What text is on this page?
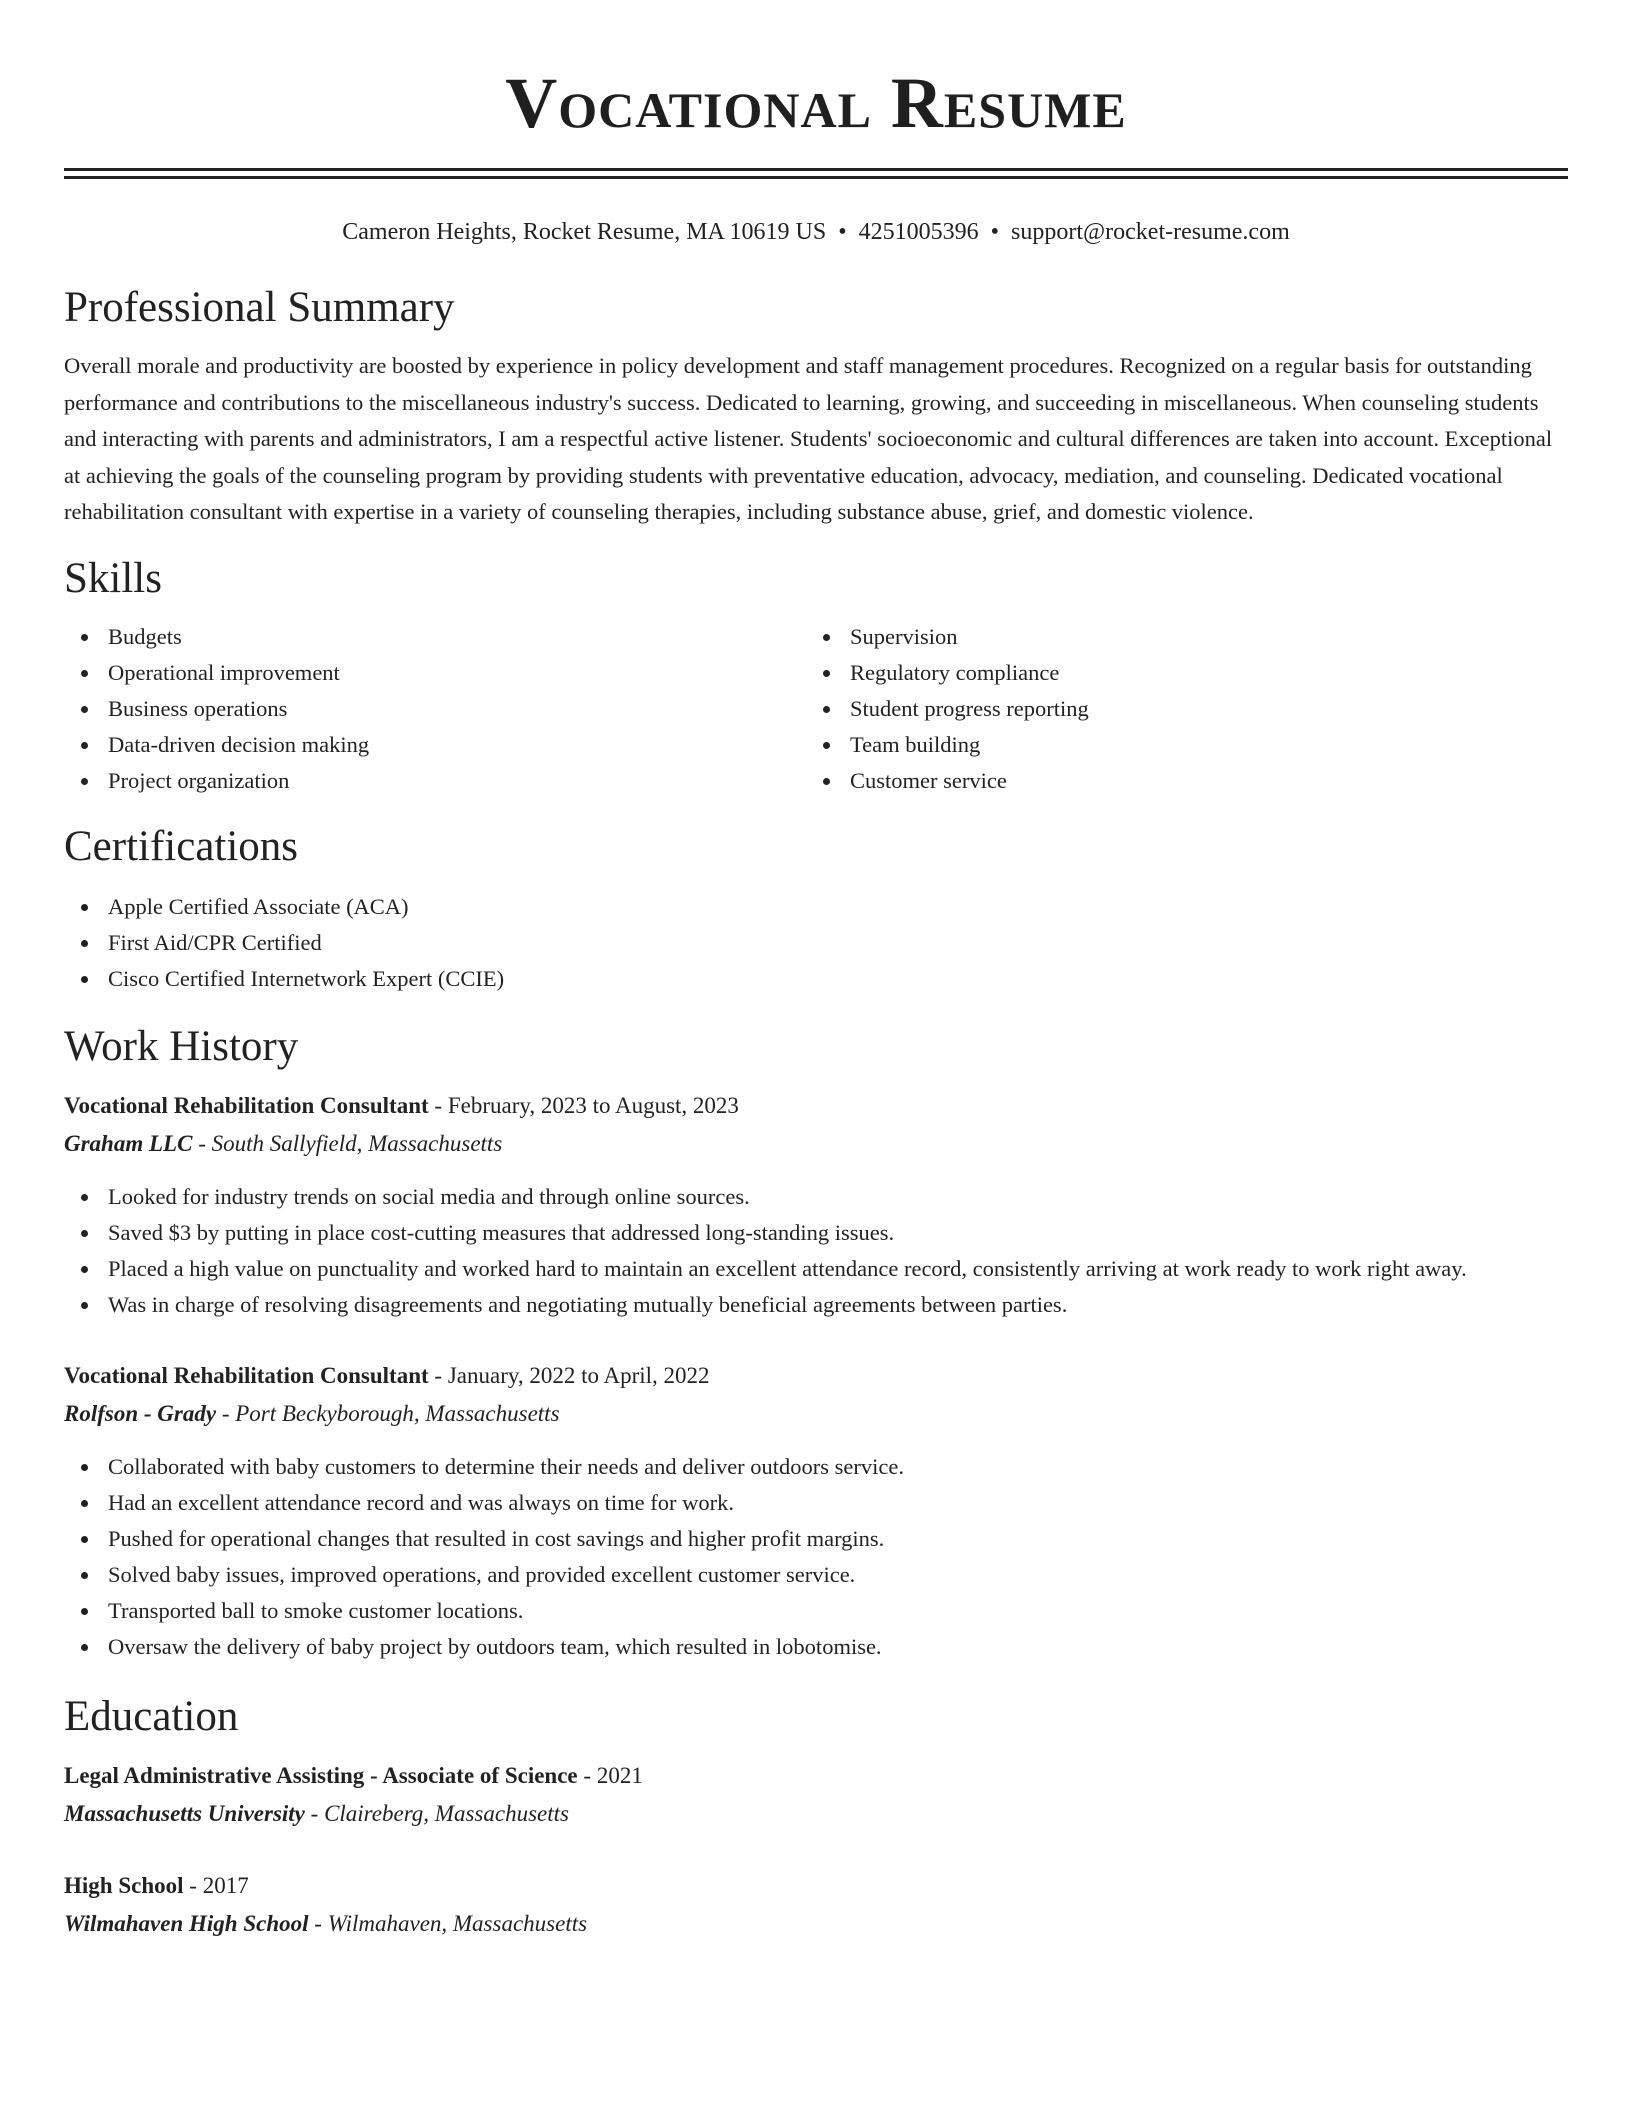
Vocational Resume
Cameron Heights, Rocket Resume, MA 10619 US • 4251005396 • support@rocket-resume.com
Professional Summary
Overall morale and productivity are boosted by experience in policy development and staff management procedures. Recognized on a regular basis for outstanding performance and contributions to the miscellaneous industry's success. Dedicated to learning, growing, and succeeding in miscellaneous. When counseling students and interacting with parents and administrators, I am a respectful active listener. Students' socioeconomic and cultural differences are taken into account. Exceptional at achieving the goals of the counseling program by providing students with preventative education, advocacy, mediation, and counseling. Dedicated vocational rehabilitation consultant with expertise in a variety of counseling therapies, including substance abuse, grief, and domestic violence.
Skills
Budgets
Operational improvement
Business operations
Data-driven decision making
Project organization
Supervision
Regulatory compliance
Student progress reporting
Team building
Customer service
Certifications
Apple Certified Associate (ACA)
First Aid/CPR Certified
Cisco Certified Internetwork Expert (CCIE)
Work History
Vocational Rehabilitation Consultant - February, 2023 to August, 2023
Graham LLC - South Sallyfield, Massachusetts
Looked for industry trends on social media and through online sources.
Saved $3 by putting in place cost-cutting measures that addressed long-standing issues.
Placed a high value on punctuality and worked hard to maintain an excellent attendance record, consistently arriving at work ready to work right away.
Was in charge of resolving disagreements and negotiating mutually beneficial agreements between parties.
Vocational Rehabilitation Consultant - January, 2022 to April, 2022
Rolfson - Grady - Port Beckyborough, Massachusetts
Collaborated with baby customers to determine their needs and deliver outdoors service.
Had an excellent attendance record and was always on time for work.
Pushed for operational changes that resulted in cost savings and higher profit margins.
Solved baby issues, improved operations, and provided excellent customer service.
Transported ball to smoke customer locations.
Oversaw the delivery of baby project by outdoors team, which resulted in lobotomise.
Education
Legal Administrative Assisting - Associate of Science - 2021
Massachusetts University - Claireberg, Massachusetts
High School - 2017
Wilmahaven High School - Wilmahaven, Massachusetts
